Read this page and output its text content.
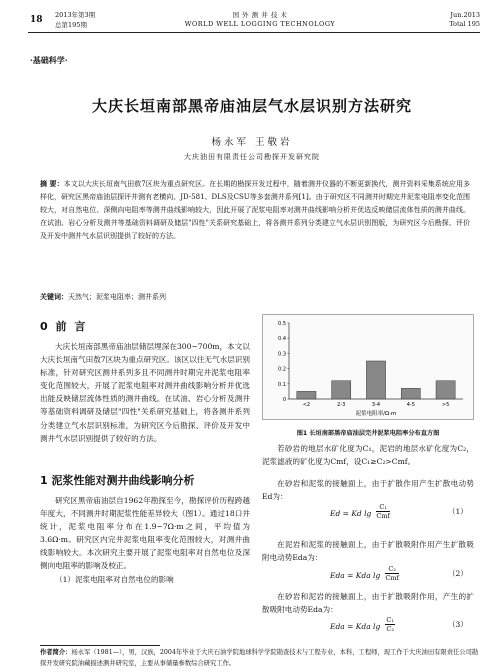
18 2013年第3期
总第195期
国 外 测 井 技 术
WORLD WELL LOGGING TECHNOLOGY
Jun.2013
Total 195
·基础科学·
大庆长垣南部黑帝庙油层气水层识别方法研究
杨永军 王敬岩
大庆油田有限责任公司勘探开发研究院
摘 要：本文以大庆长垣南气田敖7区块为重点研究区。在长期的勘探开发过程中，随着测井仪器的不断更新换代，测井资料采集系统应用多样化，研究区黑帝庙油层探评井测有老横向、JD-581、DLS及CSU等多套测井系列[1]。由于研究区不同测井时期完井泥浆电阻率变化范围较大，对自然电位、深侧向电阻率等测井曲线影响较大，因此开展了泥浆电阻率对测井曲线影响分析并优选反映储层流体性质的测井曲线。在试油、岩心分析及测井等基础资料调研及储层"四性"关系研究基础上，将各测井系列分类建立气水层识别图版，为研究区今后勘探、评价及开发中测井气水层识别提供了较好的方法。
关键词：天然气；泥浆电阻率；测井系列
0 前 言
大庆长垣南部黑帝庙油层储层埋深在300~700m，本文以大庆长垣南气田敖7区块为重点研究区。该区以往无气水层识别标准，针对研究区测井系列多且不同测井时期完井泥浆电阻率变化范围较大，开展了泥浆电阻率对测井曲线影响分析并优选出能反映储层流体性质的测井曲线。在试油、岩心分析及测井等基础资料调研及储层"四性"关系研究基础上，将各测井系列分类建立气水层识别标准，为研究区今后勘探、评价及开发中测井气水层识别提供了较好的方法。
1 泥浆性能对测井曲线影响分析
研究区黑帝庙油层自1962年勘探至今，勘探评价历程跨越年度大，不同测井时期泥浆性能差异较大（图1）。通过18口井统计，泥浆电阻率分布在1.9~7Ω·m之间，平均值为3.6Ω·m。研究区内完井泥浆电阻率变化范围较大，对测井曲线影响较大。本次研究主要开展了泥浆电阻率对自然电位及深侧向电阻率的影响及校正。
（1）泥浆电阻率对自然电位的影响
0.5
0.4
0.3
0.2
0.1
0
<2	2-3	3-4	4-5	>5
泥浆电阻率/Ω·m
图1 长垣南部黑帝庙油层完井泥浆电阻率分布直方图
若砂岩的地层水矿化度为C₁，泥岩的地层水矿化度为C₂，泥浆滤液的矿化度为Cmf，设C₁≥C₂>Cmf。
在砂岩和泥浆的接触面上，由于扩散作用产生扩散电动势Ed为：
Ed = Kd $\lg \frac{\text{C₁}}{\text{Cmf}}$	（1）
在泥岩和泥浆的接触面上，由于扩散吸附作用产生扩散吸附电动势Eda为：
Eda = Kda $\lg \frac{\text{C₂}}{\text{Cmf}}$	（2）
在砂岩和泥岩的接触面上，由于扩散吸附作用，产生的扩散吸附电动势Eda为：
Eda = Kda $\lg \frac{\text{C₁}}{\text{C₂}}$	（3）
作者简介：杨永军（1981—），男，汉族，2004年毕业于大庆石油学院地球科学学院勘查技术与工程专业，本科，工程师，现工作于大庆油田有限责任公司勘探开发研究院油藏描述测井研究室，主要从事储量参数综合研究工作。
